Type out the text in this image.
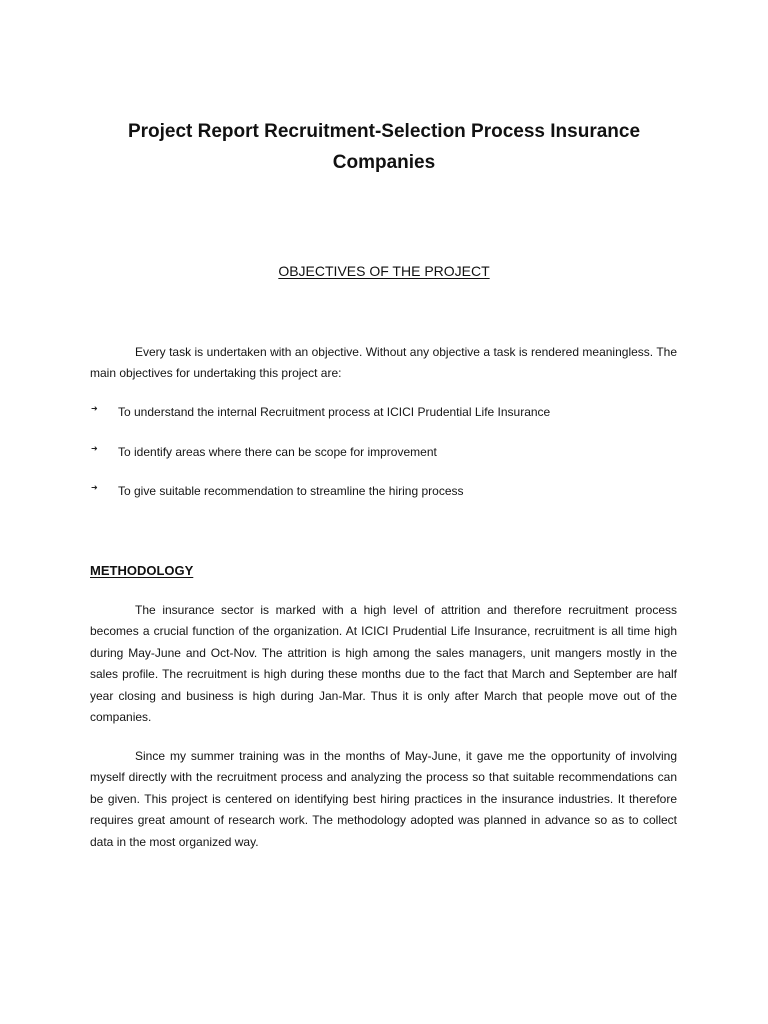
Project Report Recruitment-Selection Process Insurance Companies
OBJECTIVES OF THE PROJECT

Every task is undertaken with an objective. Without any objective a task is rendered meaningless. The main objectives for undertaking this project are:

➜ To understand the internal Recruitment process at ICICI Prudential Life Insurance
➜ To identify areas where there can be scope for improvement
➜ To give suitable recommendation to streamline the hiring process
METHODOLOGY

The insurance sector is marked with a high level of attrition and therefore recruitment process becomes a crucial function of the organization. At ICICI Prudential Life Insurance, recruitment is all time high during May-June and Oct-Nov. The attrition is high among the sales managers, unit mangers mostly in the sales profile. The recruitment is high during these months due to the fact that March and September are half year closing and business is high during Jan-Mar. Thus it is only after March that people move out of the companies.

Since my summer training was in the months of May-June, it gave me the opportunity of involving myself directly with the recruitment process and analyzing the process so that suitable recommendations can be given. This project is centered on identifying best hiring practices in the insurance industries. It therefore requires great amount of research work. The methodology adopted was planned in advance so as to collect data in the most organized way.
